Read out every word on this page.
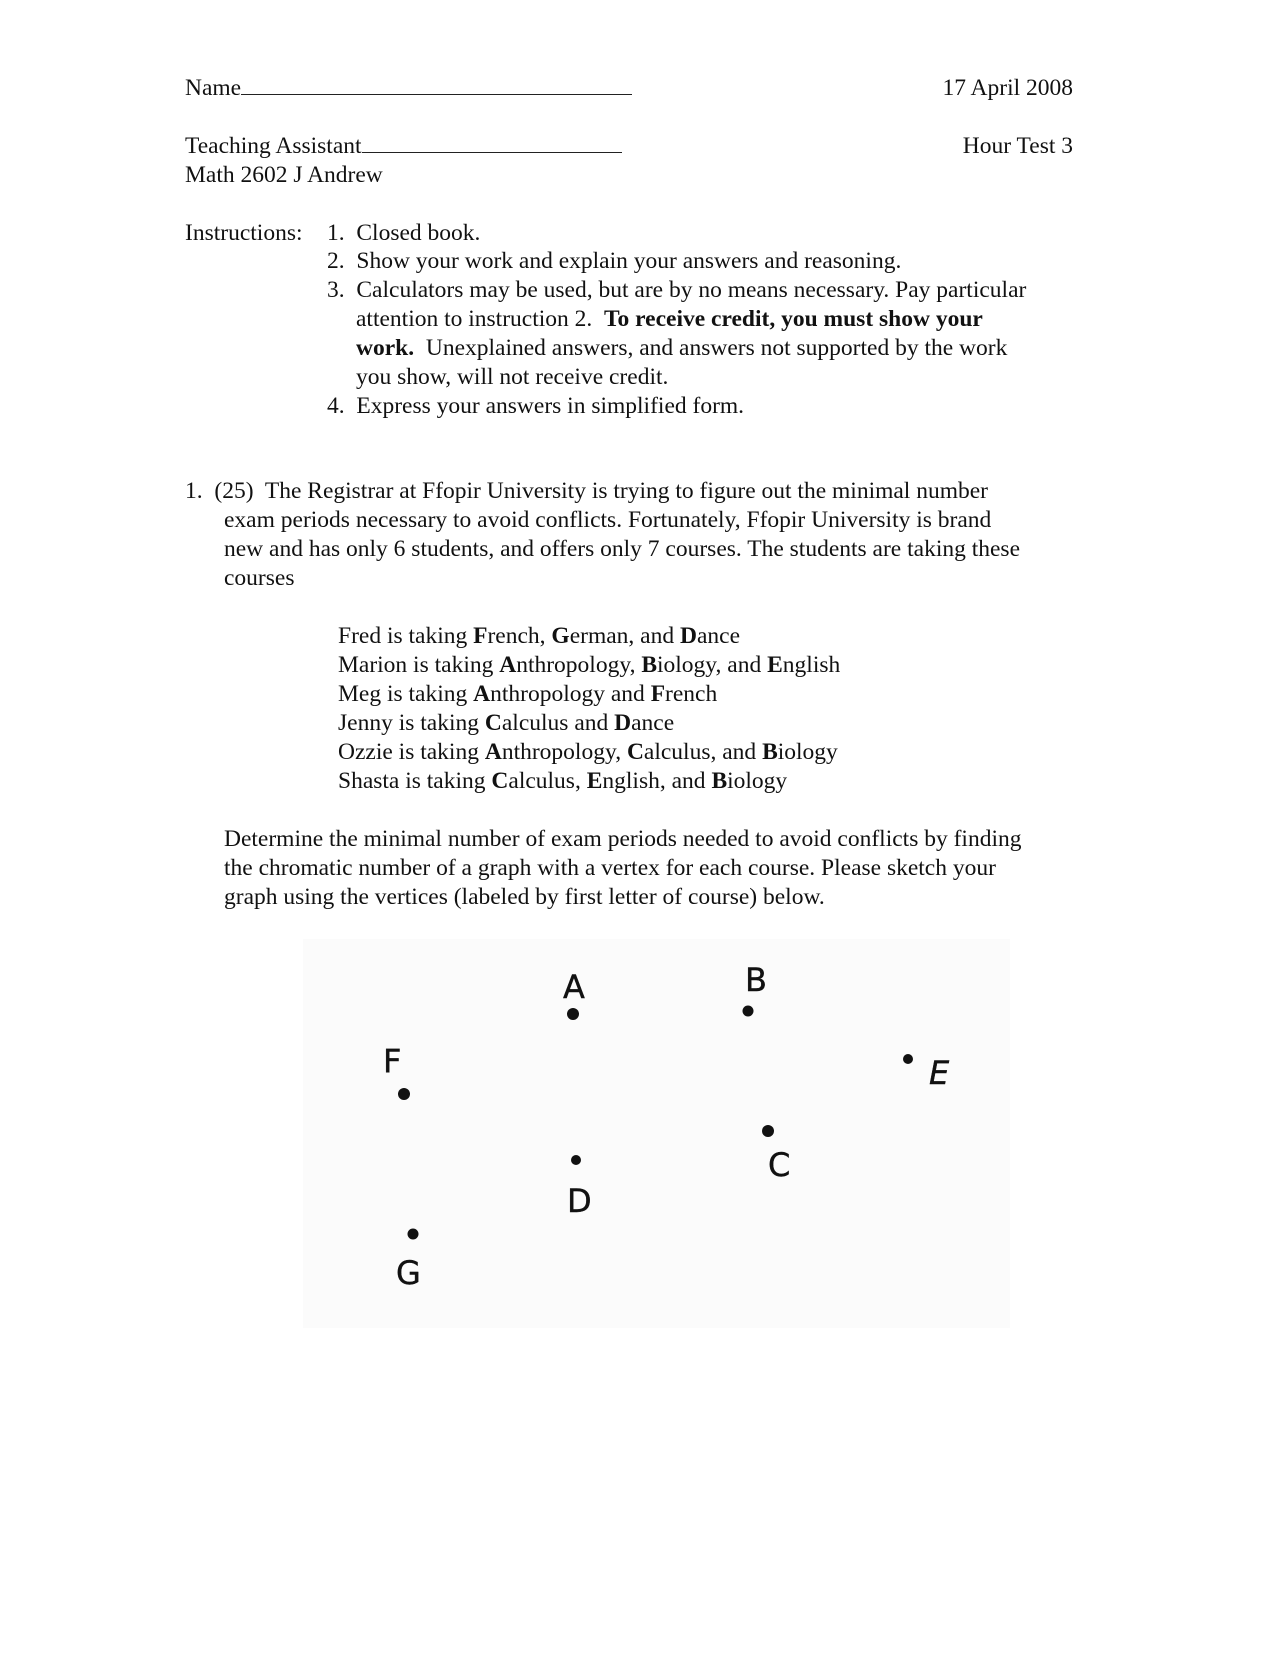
Name	17 April 2008
Teaching Assistant	Hour Test 3
Math 2602 J Andrew
Instructions: 1. Closed book.
2. Show your work and explain your answers and reasoning.
3. Calculators may be used, but are by no means necessary. Pay particular
attention to instruction 2.  To receive credit, you must show your
work.  Unexplained answers, and answers not supported by the work
you show, will not receive credit.
4. Express your answers in simplified form.
1. (25) The Registrar at Ffopir University is trying to figure out the minimal number
exam periods necessary to avoid conflicts. Fortunately, Ffopir University is brand
new and has only 6 students, and offers only 7 courses. The students are taking these
courses
Fred is taking French, German, and Dance
Marion is taking Anthropology, Biology, and English
Meg is taking Anthropology and French
Jenny is taking Calculus and Dance
Ozzie is taking Anthropology, Calculus, and Biology
Shasta is taking Calculus, English, and Biology
Determine the minimal number of exam periods needed to avoid conflicts by finding
the chromatic number of a graph with a vertex for each course. Please sketch your
graph using the vertices (labeled by first letter of course) below.
A	B
E
F
C
D
G
